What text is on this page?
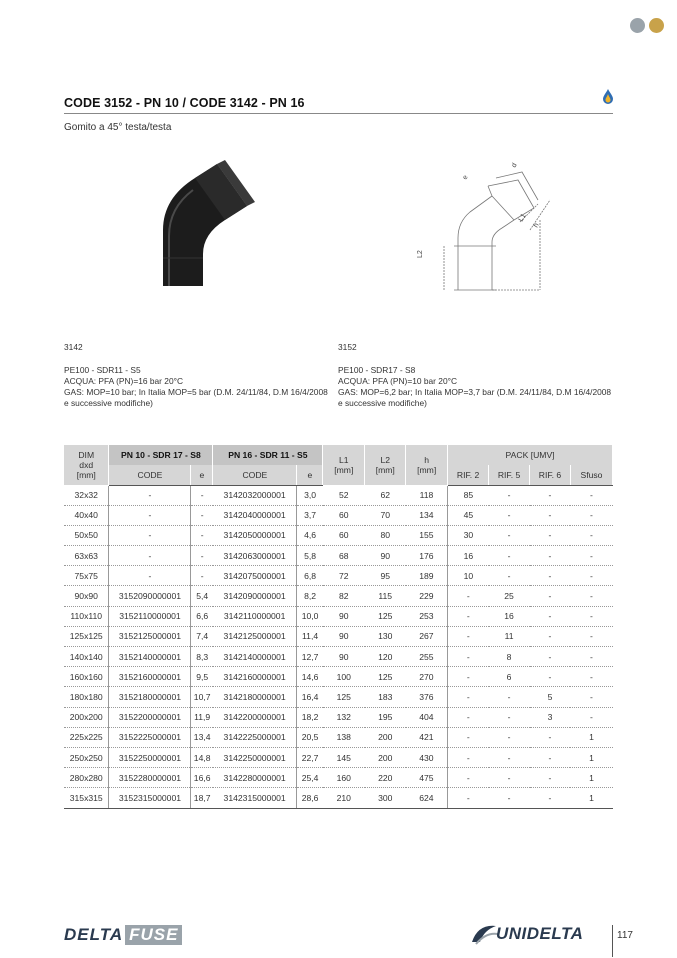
CODE 3152 - PN 10 / CODE 3142 - PN 16
Gomito a 45° testa/testa
d
e
L1
h
L2
3142
PE100 - SDR11 - S5
ACQUA: PFA (PN)=16 bar 20°C
GAS: MOP=10 bar; In Italia MOP=5 bar (D.M. 24/11/84, D.M 16/4/2008
e successive modifiche)
3152
PE100 - SDR17 - S8
ACQUA: PFA (PN)=10 bar 20°C
GAS: MOP=6,2 bar; In Italia MOP=3,7 bar (D.M. 24/11/84, D.M 16/4/2008
e successive modifiche)
DIM
dxd
[mm]	PN 10 - SDR 17 - S8		PN 16 - SDR 11 - S5		L1
[mm]	L2
[mm]	h
[mm]	PACK [UMV]			
	CODE	e	CODE	e				RIF. 2	RIF. 5	RIF. 6	Sfuso
32x32	-	-	3142032000001	3,0	52	62	118	85	-	-	-
40x40	-	-	3142040000001	3,7	60	70	134	45	-	-	-
50x50	-	-	3142050000001	4,6	60	80	155	30	-	-	-
63x63	-	-	3142063000001	5,8	68	90	176	16	-	-	-
75x75	-	-	3142075000001	6,8	72	95	189	10	-	-	-
90x90	3152090000001	5,4	3142090000001	8,2	82	115	229	-	25	-	-
110x110	3152110000001	6,6	3142110000001	10,0	90	125	253	-	16	-	-
125x125	3152125000001	7,4	3142125000001	11,4	90	130	267	-	11	-	-
140x140	3152140000001	8,3	3142140000001	12,7	90	120	255	-	8	-	-
160x160	3152160000001	9,5	3142160000001	14,6	100	125	270	-	6	-	-
180x180	3152180000001	10,7	3142180000001	16,4	125	183	376	-	-	5	-
200x200	3152200000001	11,9	3142200000001	18,2	132	195	404	-	-	3	-
225x225	3152225000001	13,4	3142225000001	20,5	138	200	421	-	-	-	1
250x250	3152250000001	14,8	3142250000001	22,7	145	200	430	-	-	-	1
280x280	3152280000001	16,6	3142280000001	25,4	160	220	475	-	-	-	1
315x315	3152315000001	18,7	3142315000001	28,6	210	300	624	-	-	-	1
DELTA FUSE	UNIDELTA	117
